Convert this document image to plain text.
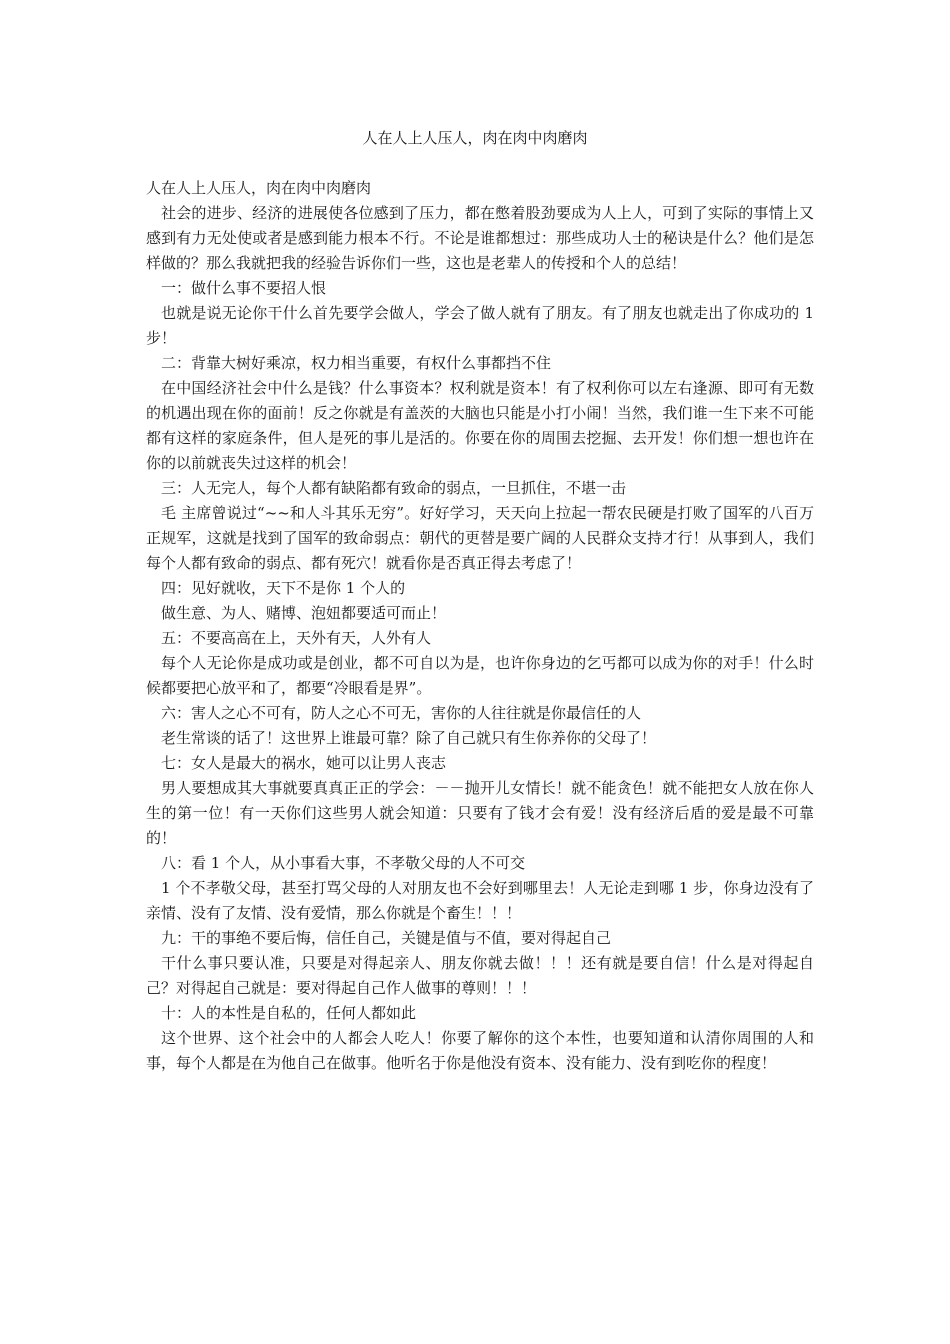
人在人上人压人，肉在肉中肉磨肉

人在人上人压人，肉在肉中肉磨肉

社会的进步、经济的进展使各位感到了压力，都在憋着股劲要成为人上人，可到了实际的事情上又感到有力无处使或者是感到能力根本不行。不论是谁都想过：那些成功人士的秘诀是什么？他们是怎样做的？那么我就把我的经验告诉你们一些，这也是老辈人的传授和个人的总结！

一：做什么事不要招人恨

也就是说无论你干什么首先要学会做人，学会了做人就有了朋友。有了朋友也就走出了你成功的 1 步！

二：背靠大树好乘凉，权力相当重要，有权什么事都挡不住

在中国经济社会中什么是钱？什么事资本？权利就是资本！有了权利你可以左右逢源、即可有无数的机遇出现在你的面前！反之你就是有盖茨的大脑也只能是小打小闹！当然，我们谁一生下来不可能都有这样的家庭条件，但人是死的事儿是活的。你要在你的周围去挖掘、去开发！你们想一想也许在你的以前就丧失过这样的机会！

三：人无完人，每个人都有缺陷都有致命的弱点，一旦抓住，不堪一击

毛 主席曾说过“~~和人斗其乐无穷”。好好学习，天天向上拉起一帮农民硬是打败了国军的八百万正规军，这就是找到了国军的致命弱点：朝代的更替是要广阔的人民群众支持才行！从事到人，我们每个人都有致命的弱点、都有死穴！就看你是否真正得去考虑了！

四：见好就收，天下不是你 1 个人的

做生意、为人、赌博、泡妞都要适可而止！

五：不要高高在上，天外有天，人外有人

每个人无论你是成功或是创业，都不可自以为是，也许你身边的乞丐都可以成为你的对手！什么时候都要把心放平和了，都要“冷眼看是界”。

六：害人之心不可有，防人之心不可无，害你的人往往就是你最信任的人

老生常谈的话了！这世界上谁最可靠？除了自己就只有生你养你的父母了！

七：女人是最大的祸水，她可以让男人丧志

男人要想成其大事就要真真正正的学会：－－抛开儿女情长！就不能贪色！就不能把女人放在你人生的第一位！有一天你们这些男人就会知道：只要有了钱才会有爱！没有经济后盾的爱是最不可靠的！

八：看 1 个人，从小事看大事，不孝敬父母的人不可交

1 个不孝敬父母，甚至打骂父母的人对朋友也不会好到哪里去！人无论走到哪 1 步，你身边没有了亲情、没有了友情、没有爱情，那么你就是个畜生！！！

九：干的事绝不要后悔，信任自己，关键是值与不值，要对得起自己

干什么事只要认准，只要是对得起亲人、朋友你就去做！！！还有就是要自信！什么是对得起自己？对得起自己就是：要对得起自己作人做事的尊则！！！

十：人的本性是自私的，任何人都如此

这个世界、这个社会中的人都会人吃人！你要了解你的这个本性，也要知道和认清你周围的人和事，每个人都是在为他自己在做事。他听名于你是他没有资本、没有能力、没有到吃你的程度！
